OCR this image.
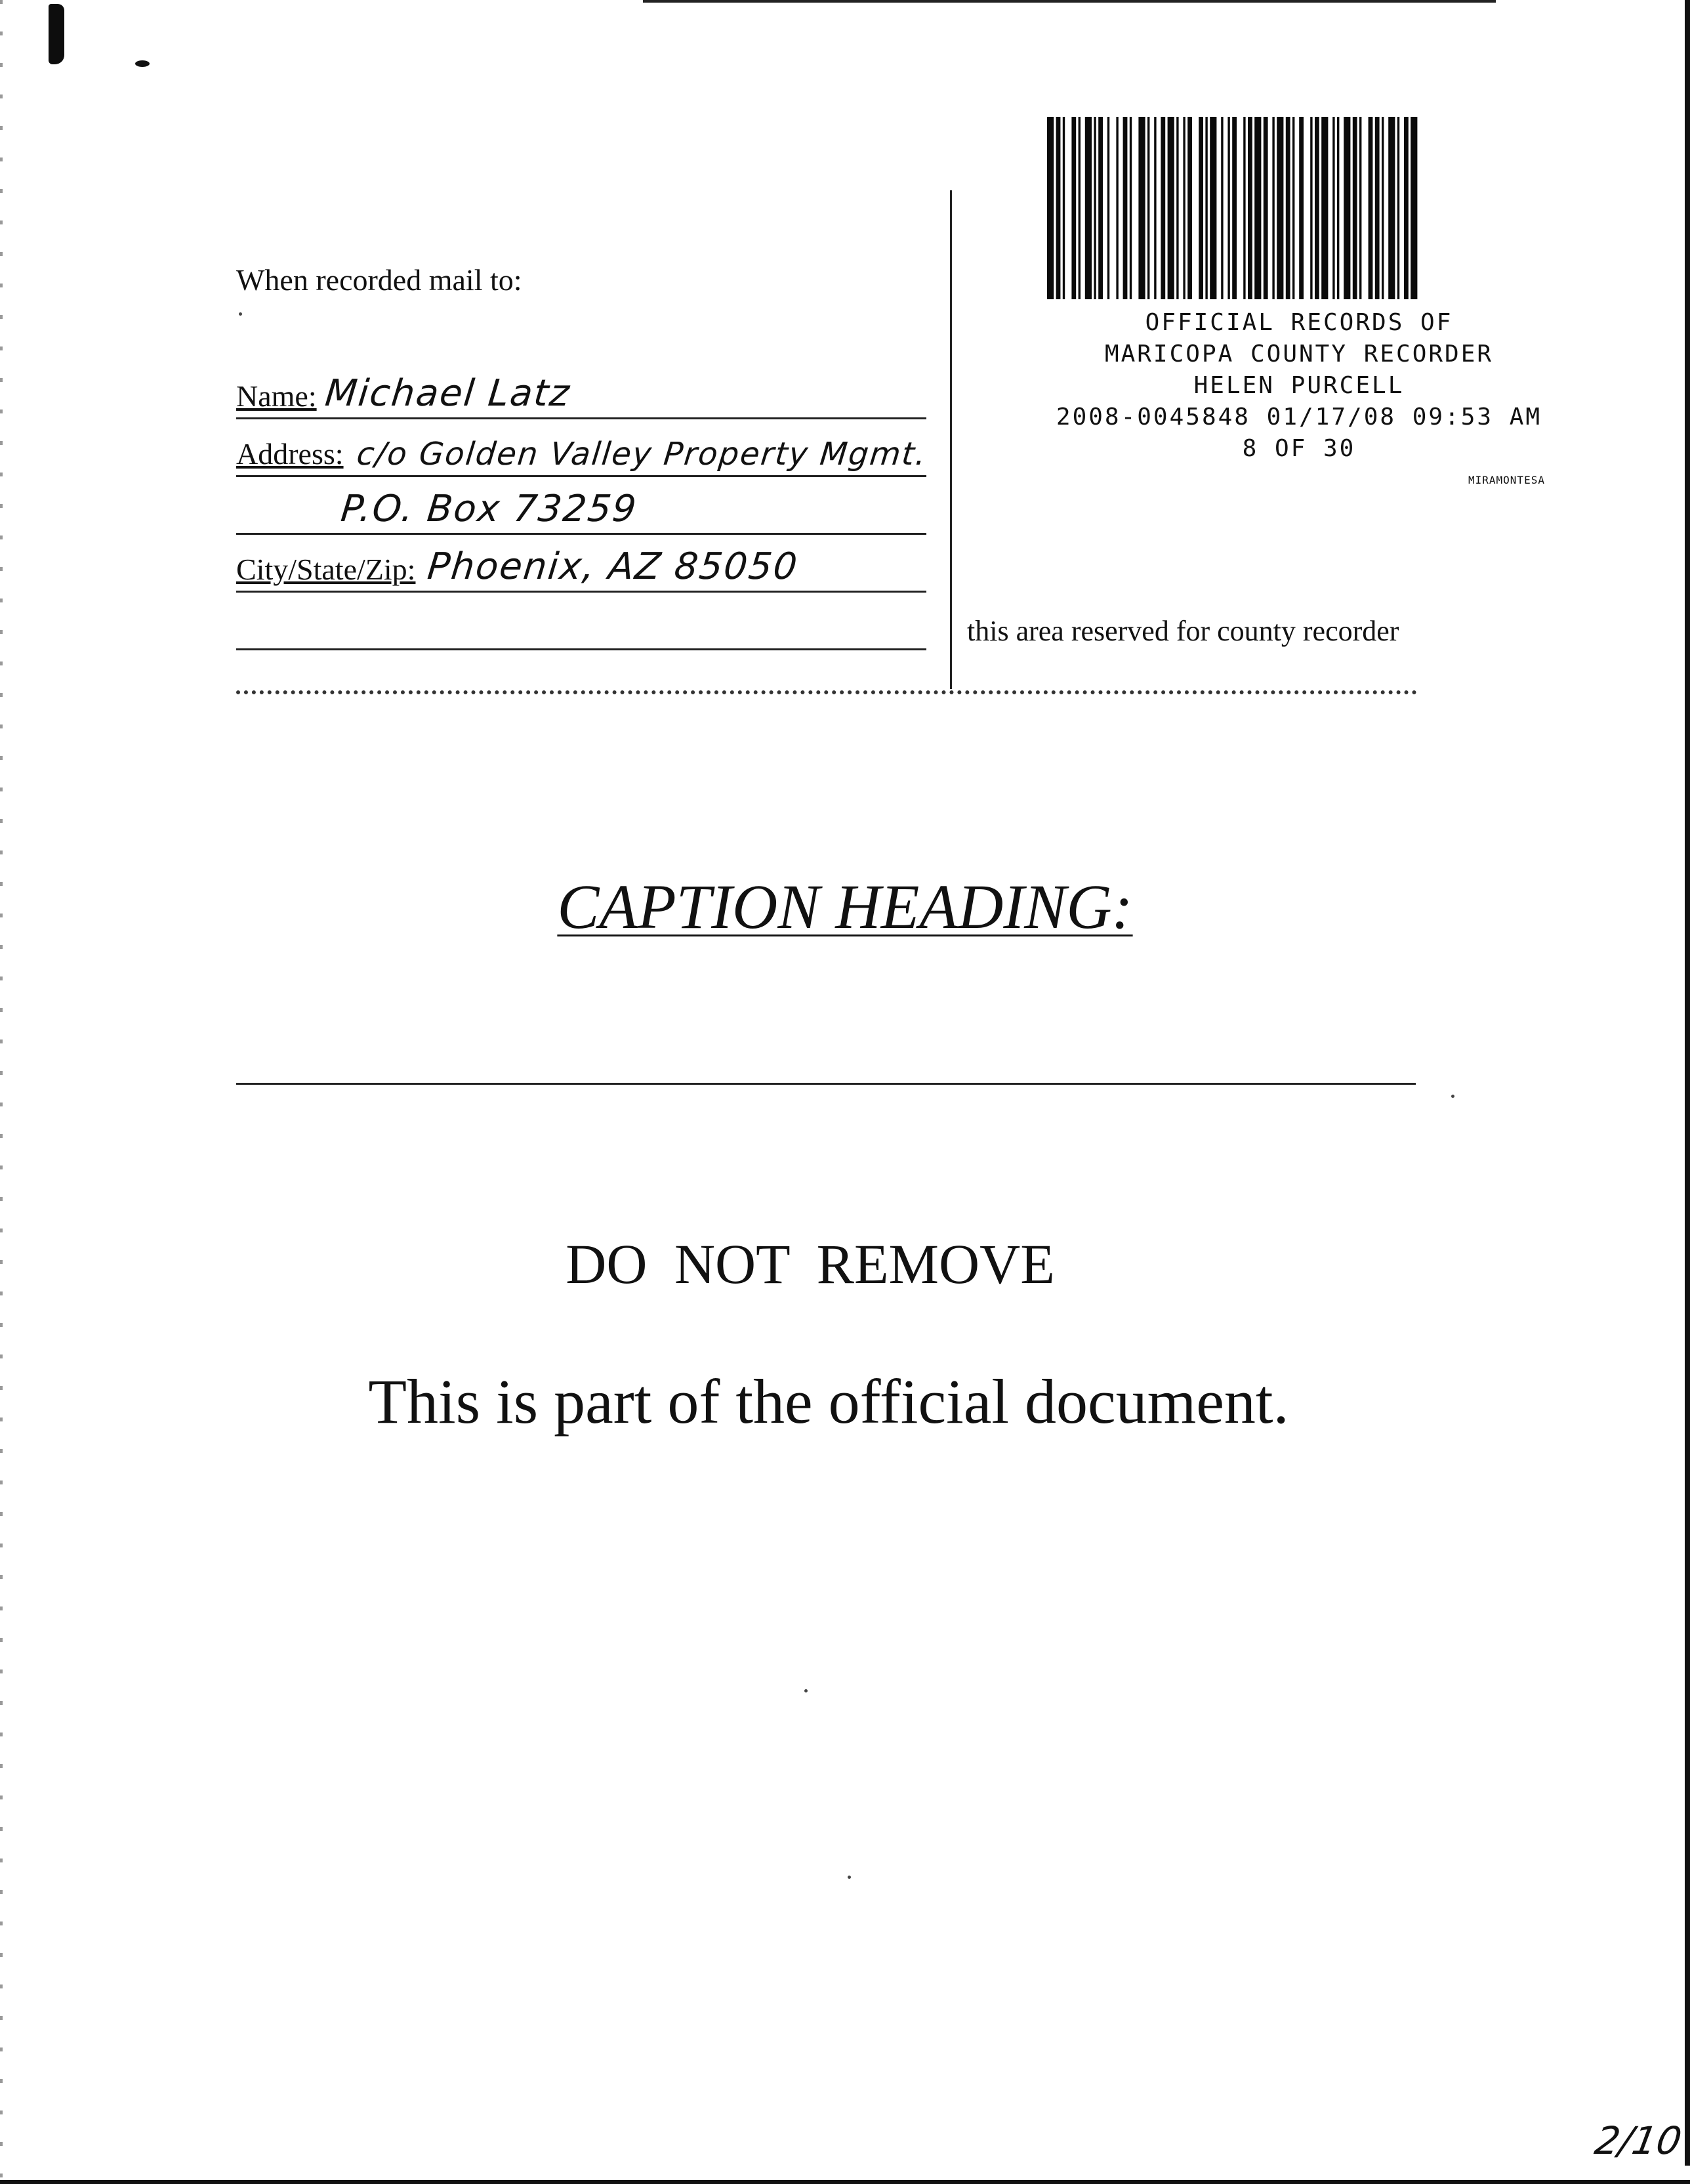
When recorded mail to:
Name: Michael Latz
Address: c/o Golden Valley Property Mgmt.
P.O. Box 73259
City/State/Zip: Phoenix, AZ 85050
this area reserved for county recorder
OFFICIAL RECORDS OF
MARICOPA COUNTY RECORDER
HELEN PURCELL
2008-0045848 01/17/08 09:53 AM
8 OF 30
MIRAMONTESA
CAPTION HEADING:
DO NOT REMOVE
This is part of the official document.
2/10
